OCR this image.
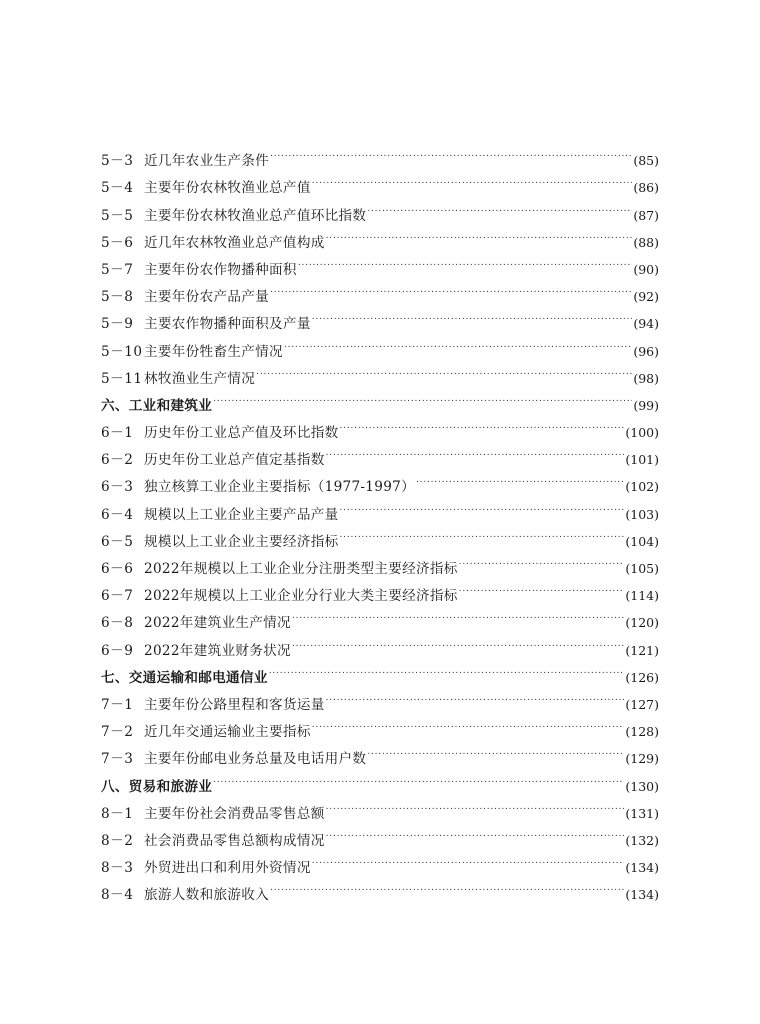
5－3 近几年农业生产条件 .....	(85)
5－4 主要年份农林牧渔业总产值 .....	(86)
5－5 主要年份农林牧渔业总产值环比指数 .....	(87)
5－6 近几年农林牧渔业总产值构成 .....	(88)
5－7 主要年份农作物播种面积 .....	(90)
5－8 主要年份农产品产量 .....	(92)
5－9 主要农作物播种面积及产量 .....	(94)
5－10 主要年份牲畜生产情况 .....	(96)
5－11 林牧渔业生产情况 .....	(98)
六、工业和建筑业 .....	(99)
6－1 历史年份工业总产值及环比指数 .....	(100)
6－2 历史年份工业总产值定基指数 .....	(101)
6－3 独立核算工业企业主要指标（1977-1997） .....	(102)
6－4 规模以上工业企业主要产品产量 .....	(103)
6－5 规模以上工业企业主要经济指标 .....	(104)
6－6 2022年规模以上工业企业分注册类型主要经济指标 .....	(105)
6－7 2022年规模以上工业企业分行业大类主要经济指标 .....	(114)
6－8 2022年建筑业生产情况 .....	(120)
6－9 2022年建筑业财务状况 .....	(121)
七、交通运输和邮电通信业 .....	(126)
7－1 主要年份公路里程和客货运量 .....	(127)
7－2 近几年交通运输业主要指标 .....	(128)
7－3 主要年份邮电业务总量及电话用户数 .....	(129)
八、贸易和旅游业 .....	(130)
8－1 主要年份社会消费品零售总额 .....	(131)
8－2 社会消费品零售总额构成情况 .....	(132)
8－3 外贸进出口和利用外资情况 .....	(134)
8－4 旅游人数和旅游收入 .....	(134)
